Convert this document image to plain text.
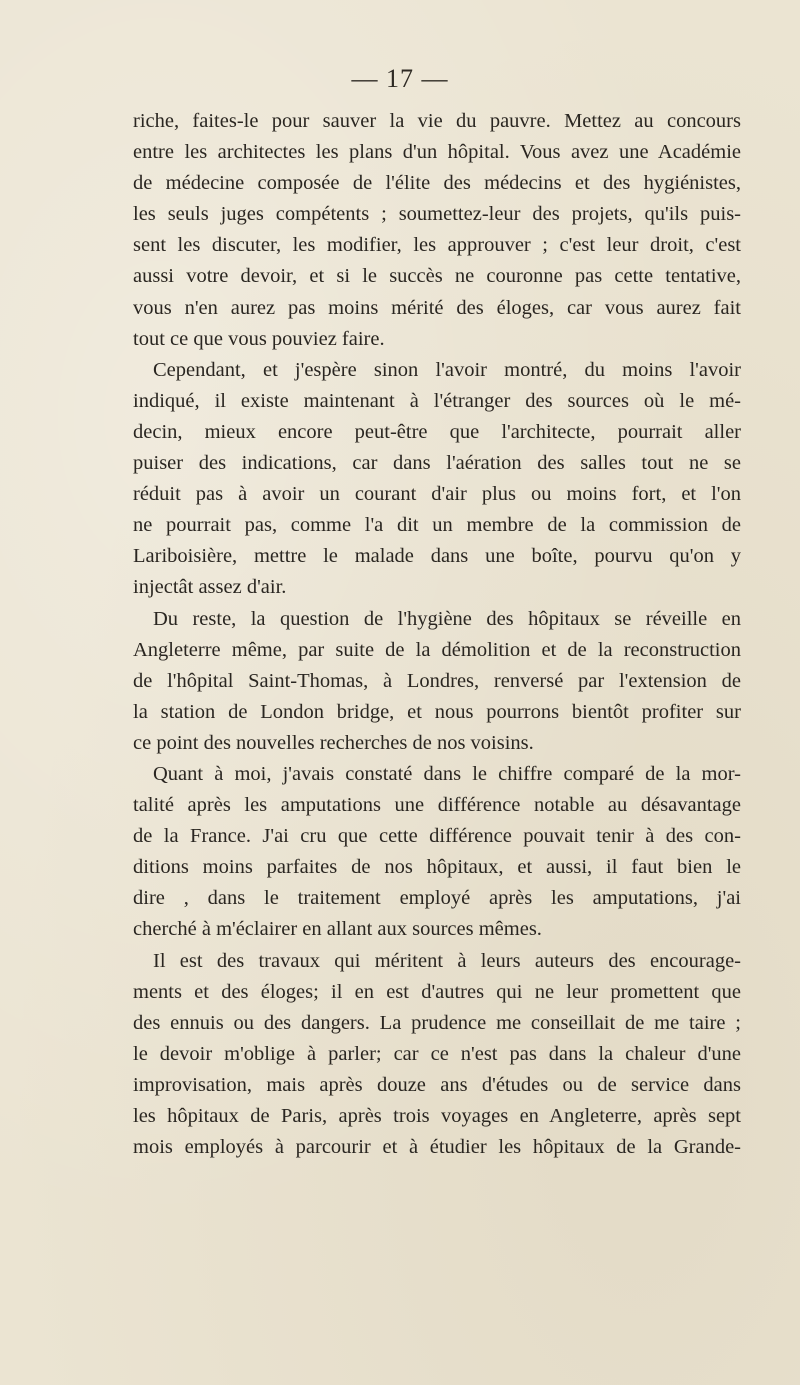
— 17 —
riche, faites-le pour sauver la vie du pauvre. Mettez au concours
entre les architectes les plans d'un hôpital. Vous avez une Académie
de médecine composée de l'élite des médecins et des hygiénistes,
les seuls juges compétents ; soumettez-leur des projets, qu'ils puis-
sent les discuter, les modifier, les approuver ; c'est leur droit, c'est
aussi votre devoir, et si le succès ne couronne pas cette tentative,
vous n'en aurez pas moins mérité des éloges, car vous aurez fait
tout ce que vous pouviez faire.
Cependant, et j'espère sinon l'avoir montré, du moins l'avoir
indiqué, il existe maintenant à l'étranger des sources où le mé-
decin, mieux encore peut-être que l'architecte, pourrait aller
puiser des indications, car dans l'aération des salles tout ne se
réduit pas à avoir un courant d'air plus ou moins fort, et l'on
ne pourrait pas, comme l'a dit un membre de la commission de
Lariboisière, mettre le malade dans une boîte, pourvu qu'on y
injectât assez d'air.
Du reste, la question de l'hygiène des hôpitaux se réveille en
Angleterre même, par suite de la démolition et de la reconstruction
de l'hôpital Saint-Thomas, à Londres, renversé par l'extension de
la station de London bridge, et nous pourrons bientôt profiter sur
ce point des nouvelles recherches de nos voisins.
Quant à moi, j'avais constaté dans le chiffre comparé de la mor-
talité après les amputations une différence notable au désavantage
de la France. J'ai cru que cette différence pouvait tenir à des con-
ditions moins parfaites de nos hôpitaux, et aussi, il faut bien le
dire , dans le traitement employé après les amputations, j'ai
cherché à m'éclairer en allant aux sources mêmes.
Il est des travaux qui méritent à leurs auteurs des encourage-
ments et des éloges; il en est d'autres qui ne leur promettent que
des ennuis ou des dangers. La prudence me conseillait de me taire ;
le devoir m'oblige à parler; car ce n'est pas dans la chaleur d'une
improvisation, mais après douze ans d'études ou de service dans
les hôpitaux de Paris, après trois voyages en Angleterre, après sept
mois employés à parcourir et à étudier les hôpitaux de la Grande-
